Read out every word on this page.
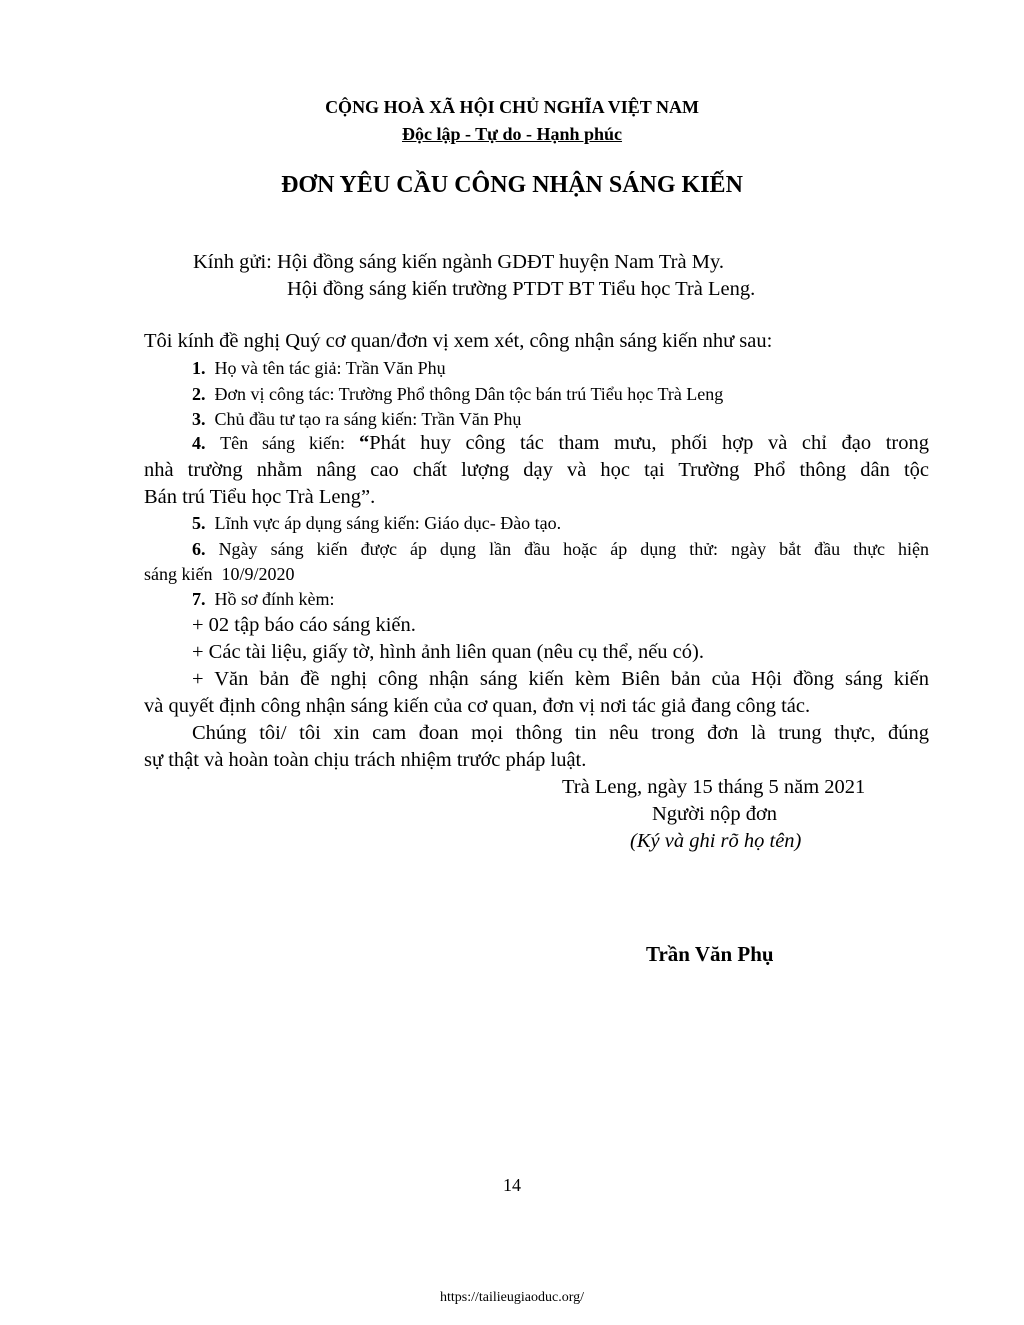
CỘNG HOÀ XÃ HỘI CHỦ NGHĨA VIỆT NAM
Độc lập - Tự do - Hạnh phúc
ĐƠN YÊU CẦU CÔNG NHẬN SÁNG KIẾN
Kính gửi: Hội đồng sáng kiến ngành GDĐT huyện Nam Trà My.
Hội đồng sáng kiến trường PTDT BT Tiểu học Trà Leng.
Tôi kính đề nghị Quý cơ quan/đơn vị xem xét, công nhận sáng kiến như sau:
1. Họ và tên tác giả: Trần Văn Phụ
2. Đơn vị công tác: Trường Phổ thông Dân tộc bán trú Tiểu học Trà Leng
3. Chủ đầu tư tạo ra sáng kiến: Trần Văn Phụ
4. Tên sáng kiến: “Phát huy công tác tham mưu, phối hợp và chỉ đạo trong
nhà trường nhằm nâng cao chất lượng dạy và học tại Trường Phổ thông dân tộc
Bán trú Tiểu học Trà Leng”.
5. Lĩnh vực áp dụng sáng kiến: Giáo dục- Đào tạo.
6. Ngày sáng kiến được áp dụng lần đầu hoặc áp dụng thử: ngày bắt đầu thực hiện
sáng kiến  10/9/2020
7. Hồ sơ đính kèm:
+ 02 tập báo cáo sáng kiến.
+ Các tài liệu, giấy tờ, hình ảnh liên quan (nêu cụ thể, nếu có).
+ Văn bản đề nghị công nhận sáng kiến kèm Biên bản của Hội đồng sáng kiến
và quyết định công nhận sáng kiến của cơ quan, đơn vị nơi tác giả đang công tác.
Chúng tôi/ tôi xin cam đoan mọi thông tin nêu trong đơn là trung thực, đúng
sự thật và hoàn toàn chịu trách nhiệm trước pháp luật.
Trà Leng, ngày 15 tháng 5 năm 2021
Người nộp đơn
(Ký và ghi rõ họ tên)
Trần Văn Phụ
14
https://tailieugiaoduc.org/
